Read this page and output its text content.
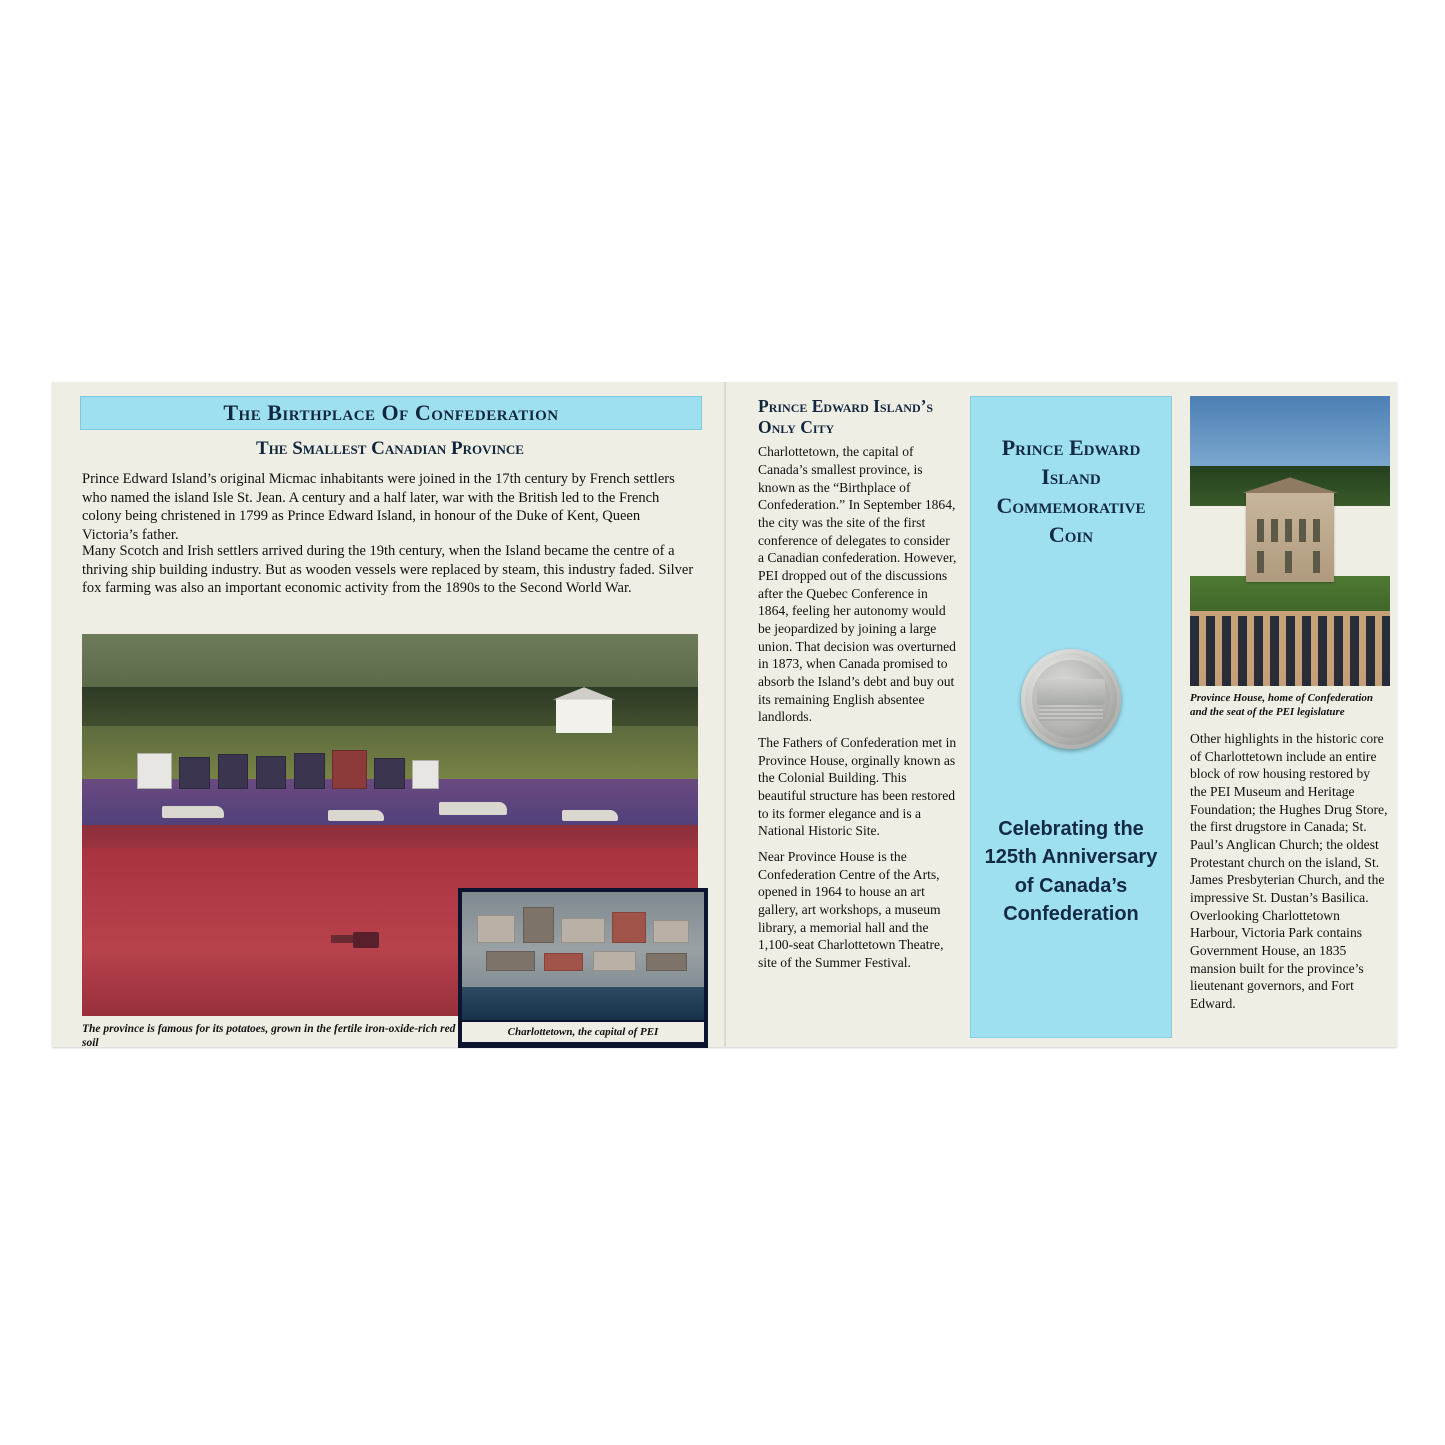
The Birthplace Of Confederation
The Smallest Canadian Province
Prince Edward Island’s original Micmac inhabitants were joined in the 17th century by French settlers who named the island Isle St. Jean. A century and a half later, war with the British led to the French colony being christened in 1799 as Prince Edward Island, in honour of the Duke of Kent, Queen Victoria’s father.
Many Scotch and Irish settlers arrived during the 19th century, when the Island became the centre of a thriving ship building industry. But as wooden vessels were replaced by steam, this industry faded. Silver fox farming was also an important economic activity from the 1890s to the Second World War.
The province is famous for its potatoes, grown in the fertile iron-oxide-rich red soil
Charlottetown, the capital of PEI
Prince Edward Island’s Only City

Charlottetown, the capital of Canada’s smallest province, is known as the “Birthplace of Confederation.” In September 1864, the city was the site of the first conference of delegates to consider a Canadian confederation. However, PEI dropped out of the discussions after the Quebec Conference in 1864, feeling her autonomy would be jeopardized by joining a large union. That decision was overturned in 1873, when Canada promised to absorb the Island’s debt and buy out its remaining English absentee landlords.

The Fathers of Confederation met in Province House, orginally known as the Colonial Building. This beautiful structure has been restored to its former elegance and is a National Historic Site.

Near Province House is the Confederation Centre of the Arts, opened in 1964 to house an art gallery, art workshops, a museum library, a memorial hall and the 1,100-seat Charlottetown Theatre, site of the Summer Festival.

Prince Edward Island Commemorative Coin
Celebrating the 125th Anniversary of Canada’s Confederation
Province House, home of Confederation and the seat of the PEI legislature
Other highlights in the historic core of Charlottetown include an entire block of row housing restored by the PEI Museum and Heritage Foundation; the Hughes Drug Store, the first drugstore in Canada; St. Paul’s Anglican Church; the oldest Protestant church on the island, St. James Presbyterian Church, and the impressive St. Dustan’s Basilica. Overlooking Charlottetown Harbour, Victoria Park contains Government House, an 1835 mansion built for the province’s lieutenant governors, and Fort Edward.
